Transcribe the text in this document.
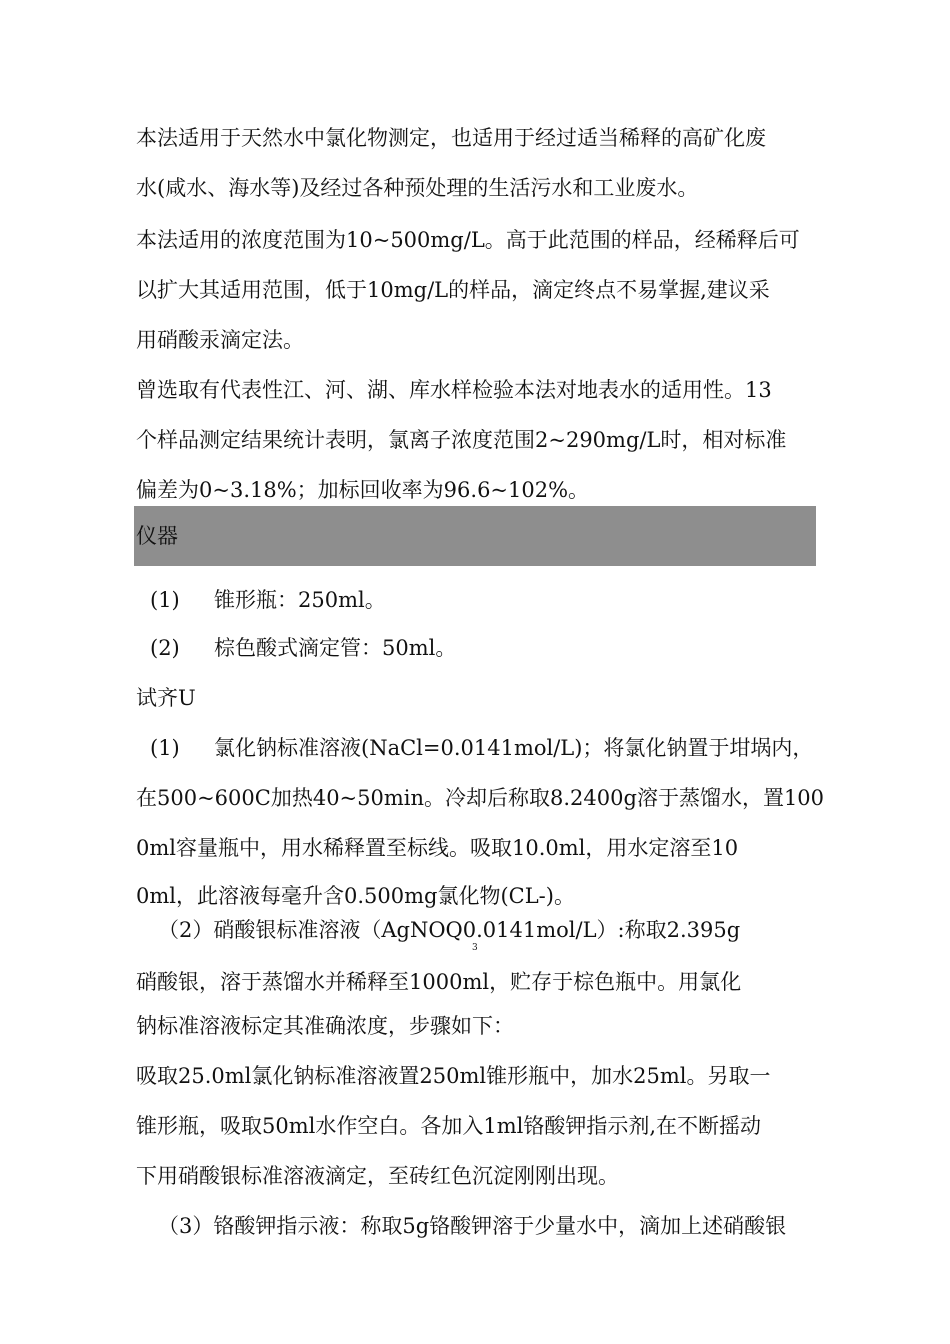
本法适用于天然水中氯化物测定，也适用于经过适当稀释的高矿化废

水(咸水、海水等)及经过各种预处理的生活污水和工业废水。

本法适用的浓度范围为10~500mg/L。高于此范围的样品，经稀释后可

以扩大其适用范围，低于10mg/L的样品，滴定终点不易掌握,建议采

用硝酸汞滴定法。

曾选取有代表性江、河、湖、库水样检验本法对地表水的适用性。13

个样品测定结果统计表明，氯离子浓度范围2~290mg/L时，相对标准

偏差为0~3.18%；加标回收率为96.6~102%。

仪器

(1) 锥形瓶：250ml。

(2) 棕色酸式滴定管：50ml。

试齐U

(1) 氯化钠标准溶液(NaCl=0.0141mol/L)；将氯化钠置于坩埚内，

在500~600C加热40~50min。冷却后称取8.2400g溶于蒸馏水，置100

0ml容量瓶中，用水稀释置至标线。吸取10.0ml，用水定溶至10

0ml，此溶液每毫升含0.500mg氯化物(CL-)。

（2）硝酸银标准溶液（AgNOQ0.0141mol/L）:称取2.395g

3

硝酸银，溶于蒸馏水并稀释至1000ml，贮存于棕色瓶中。用氯化

钠标准溶液标定其准确浓度，步骤如下：

吸取25.0ml氯化钠标准溶液置250ml锥形瓶中，加水25ml。另取一

锥形瓶，吸取50ml水作空白。各加入1ml铬酸钾指示剂,在不断摇动

下用硝酸银标准溶液滴定，至砖红色沉淀刚刚出现。

（3）铬酸钾指示液：称取5g铬酸钾溶于少量水中，滴加上述硝酸银
